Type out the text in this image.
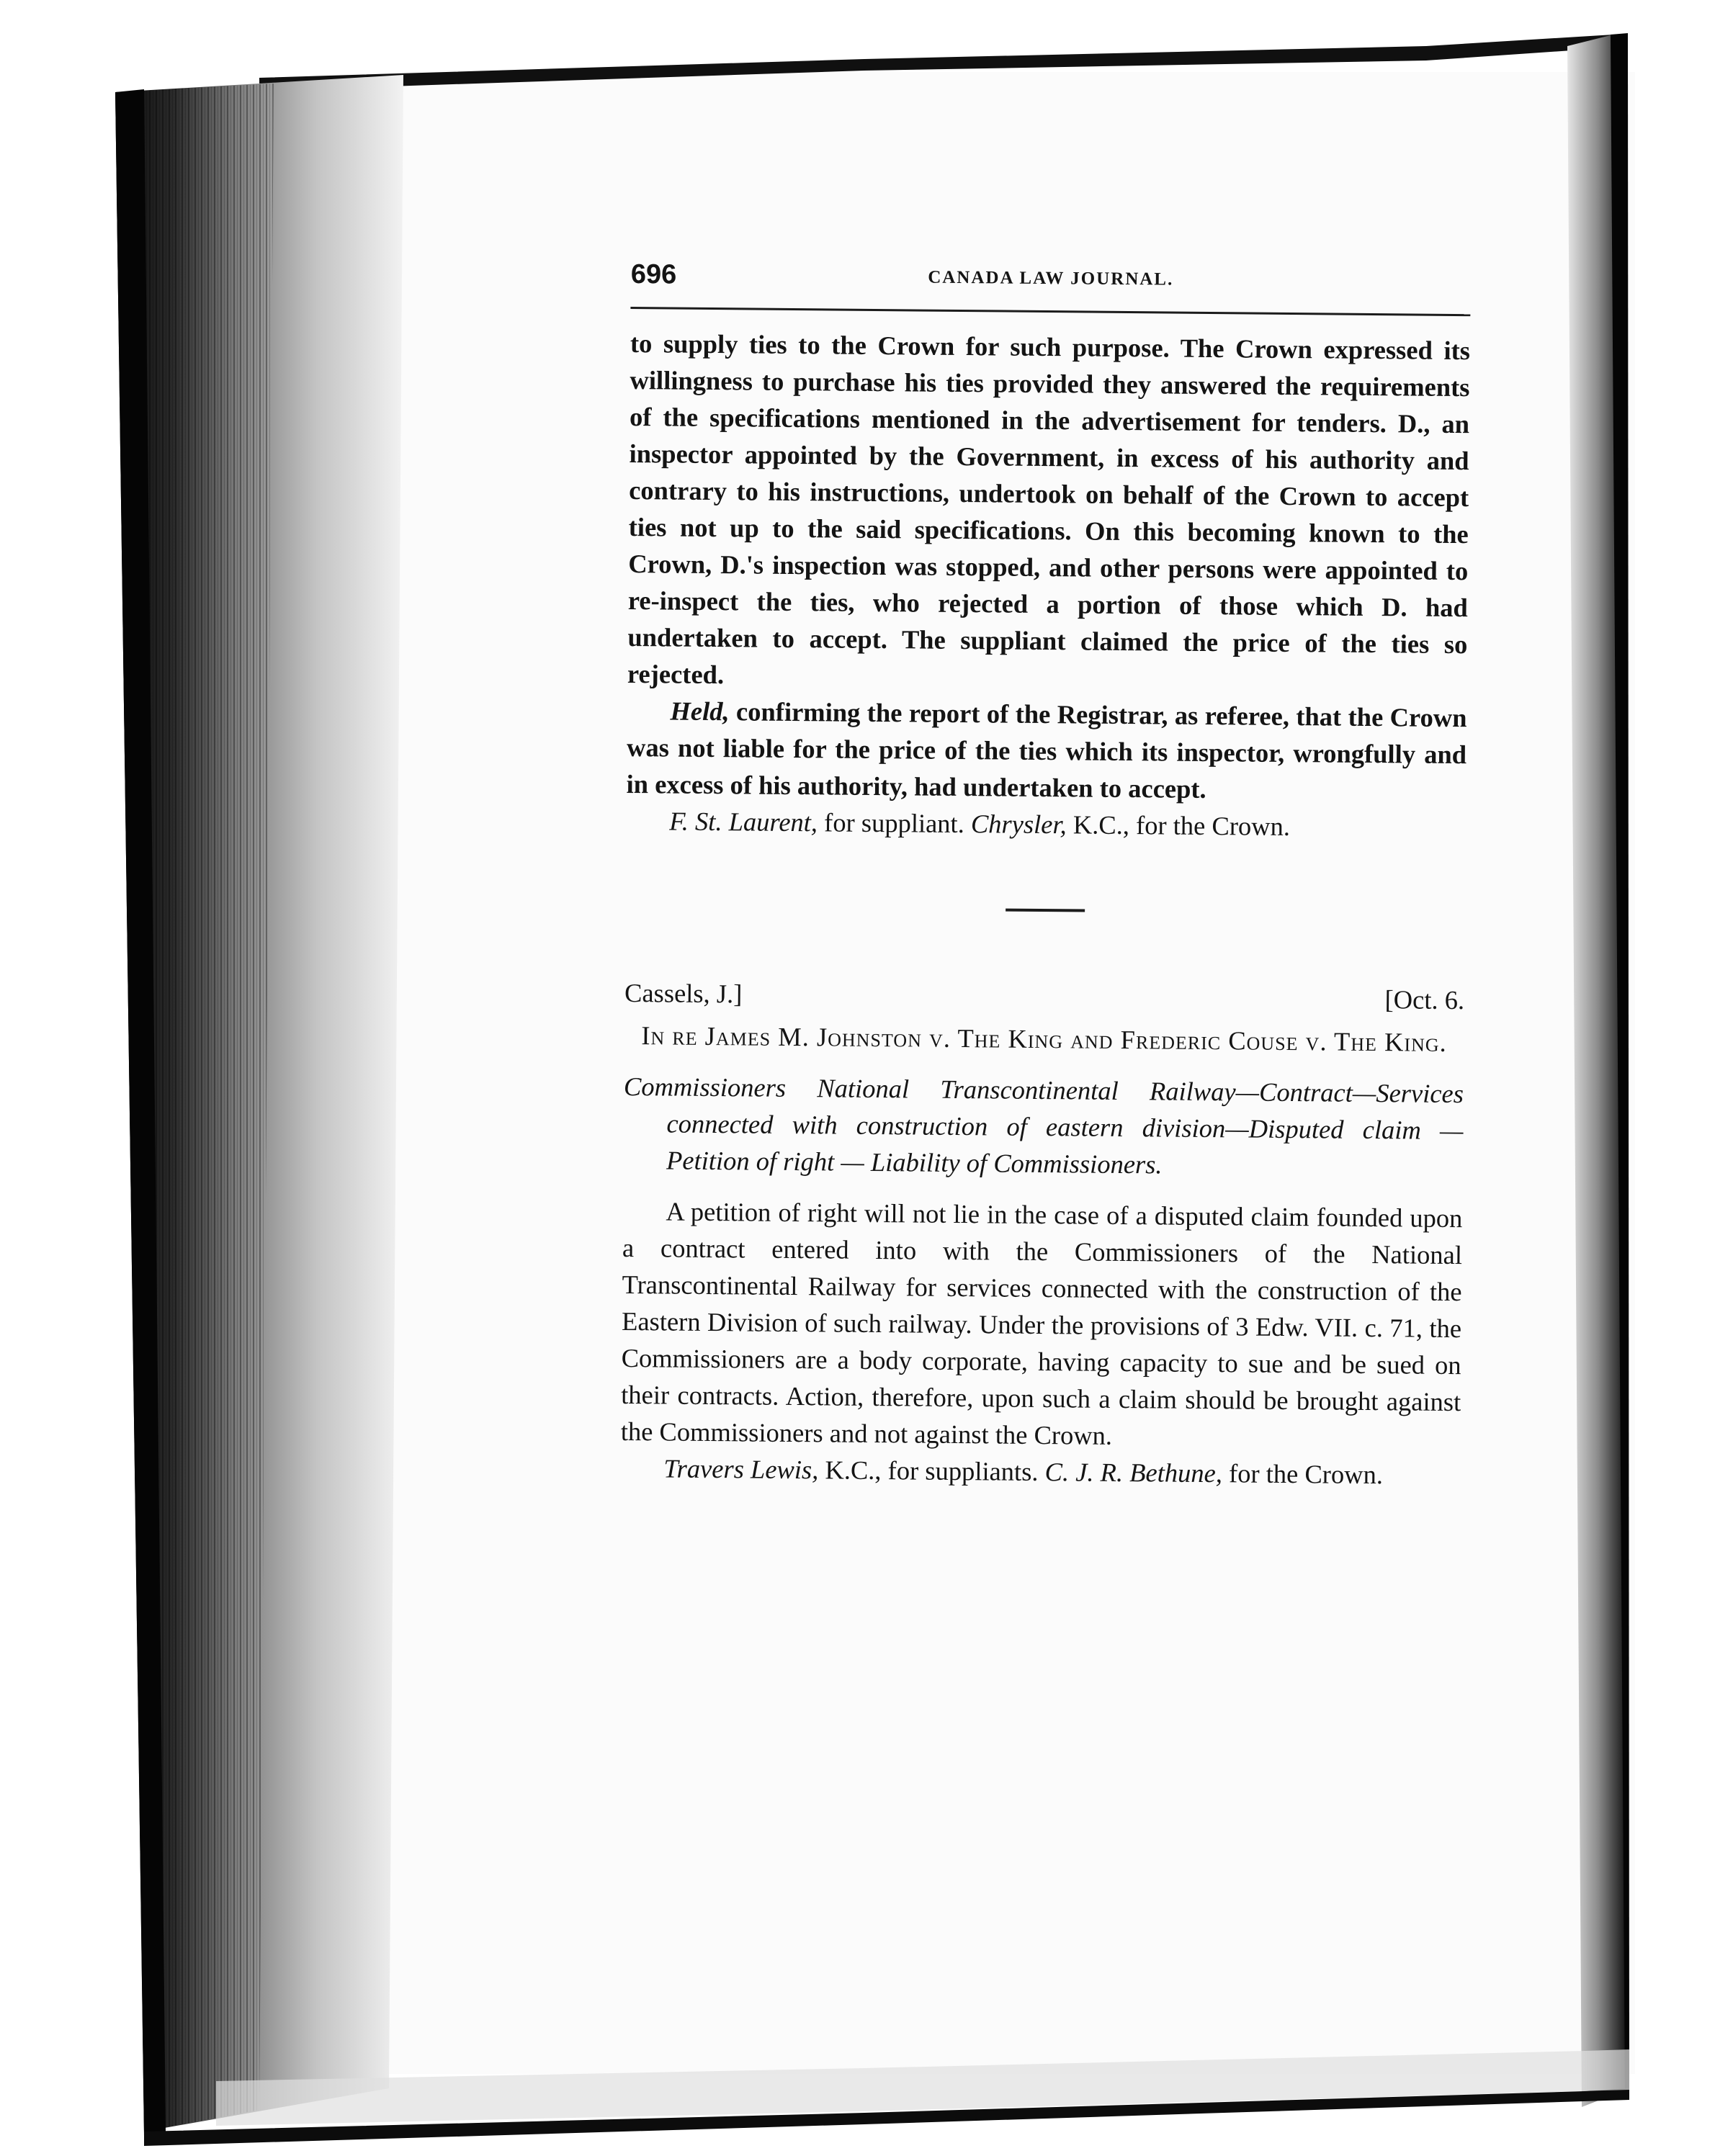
696	CANADA LAW JOURNAL.

to supply ties to the Crown for such purpose. The Crown expressed its willingness to purchase his ties provided they answered the requirements of the specifications mentioned in the advertisement for tenders. D., an inspector appointed by the Government, in excess of his authority and contrary to his instructions, undertook on behalf of the Crown to accept ties not up to the said specifications. On this becoming known to the Crown, D.'s inspection was stopped, and other persons were appointed to re-inspect the ties, who rejected a portion of those which D. had undertaken to accept. The suppliant claimed the price of the ties so rejected.

Held, confirming the report of the Registrar, as referee, that the Crown was not liable for the price of the ties which its inspector, wrongfully and in excess of his authority, had undertaken to accept.

F. St. Laurent, for suppliant. Chrysler, K.C., for the Crown.

Cassels, J.]	[Oct. 6.

In re James M. Johnston v. The King and Frederic Couse v. The King.

Commissioners National Transcontinental Railway—Contract—Services connected with construction of eastern division—Disputed claim — Petition of right — Liability of Commissioners.

A petition of right will not lie in the case of a disputed claim founded upon a contract entered into with the Commissioners of the National Transcontinental Railway for services connected with the construction of the Eastern Division of such railway. Under the provisions of 3 Edw. VII. c. 71, the Commissioners are a body corporate, having capacity to sue and be sued on their contracts. Action, therefore, upon such a claim should be brought against the Commissioners and not against the Crown.

Travers Lewis, K.C., for suppliants. C. J. R. Bethune, for the Crown.
